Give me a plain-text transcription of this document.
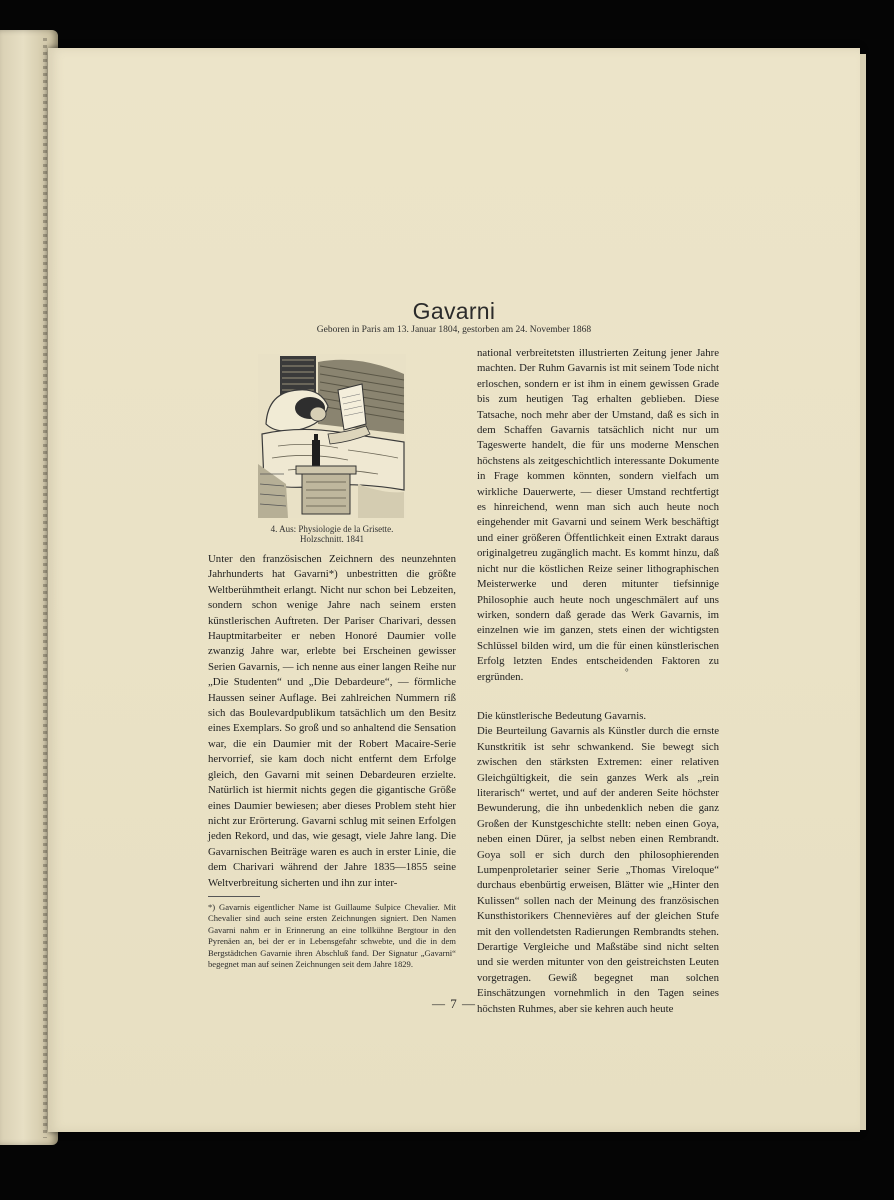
Gavarni
Geboren in Paris am 13. Januar 1804, gestorben am 24. November 1868
4. Aus: Physiologie de la Grisette.
Holzschnitt. 1841

Unter den französischen Zeichnern des neunzehnten Jahrhunderts hat Gavarni*) unbestritten die größte Weltberühmtheit erlangt. Nicht nur schon bei Lebzeiten, sondern schon wenige Jahre nach seinem ersten künstlerischen Auftreten. Der Pariser Charivari, dessen Hauptmitarbeiter er neben Honoré Daumier volle zwanzig Jahre war, erlebte bei Erscheinen gewisser Serien Gavarnis, — ich nenne aus einer langen Reihe nur „Die Studenten“ und „Die Debardeure“, — förmliche Haussen seiner Auflage. Bei zahlreichen Nummern riß sich das Boulevardpublikum tatsächlich um den Besitz eines Exemplars. So groß und so anhaltend die Sensation war, die ein Daumier mit der Robert Macaire-Serie hervorrief, sie kam doch nicht entfernt dem Erfolge gleich, den Gavarni mit seinen Debardeuren erzielte. Natürlich ist hiermit nichts gegen die gigantische Größe eines Daumier bewiesen; aber dieses Problem steht hier nicht zur Erörterung. Gavarni schlug mit seinen Erfolgen jeden Rekord, und das, wie gesagt, viele Jahre lang. Die Gavarnischen Beiträge waren es auch in erster Linie, die dem Charivari während der Jahre 1835—1855 seine Weltverbreitung sicherten und ihn zur inter-

*) Gavarnis eigentlicher Name ist Guillaume Sulpice Chevalier. Mit Chevalier sind auch seine ersten Zeichnungen signiert. Den Namen Gavarni nahm er in Erinnerung an eine tollkühne Bergtour in den Pyrenäen an, bei der er in Lebensgefahr schwebte, und die in dem Bergstädtchen Gavarnie ihren Abschluß fand. Der Signatur „Gavarni“ begegnet man auf seinen Zeichnungen seit dem Jahre 1829.

national verbreitetsten illustrierten Zeitung jener Jahre machten. Der Ruhm Gavarnis ist mit seinem Tode nicht erloschen, sondern er ist ihm in einem gewissen Grade bis zum heutigen Tag erhalten geblieben. Diese Tatsache, noch mehr aber der Umstand, daß es sich in dem Schaffen Gavarnis tatsächlich nicht nur um Tageswerte handelt, die für uns moderne Menschen höchstens als zeitgeschichtlich interessante Dokumente in Frage kommen könnten, sondern vielfach um wirkliche Dauerwerte, — dieser Umstand rechtfertigt es hinreichend, wenn man sich auch heute noch eingehender mit Gavarni und seinem Werk beschäftigt und einer größeren Öffentlichkeit einen Extrakt daraus originalgetreu zugänglich macht. Es kommt hinzu, daß nicht nur die köstlichen Reize seiner lithographischen Meisterwerke und deren mitunter tiefsinnige Philosophie auch heute noch ungeschmälert auf uns wirken, sondern daß gerade das Werk Gavarnis, im einzelnen wie im ganzen, stets einen der wichtigsten Schlüssel bilden wird, um die für einen künstlerischen Erfolg letzten Endes entscheidenden Faktoren zu ergründen.

Die künstlerische Bedeutung Gavarnis.

Die Beurteilung Gavarnis als Künstler durch die ernste Kunstkritik ist sehr schwankend. Sie bewegt sich zwischen den stärksten Extremen: einer relativen Gleichgültigkeit, die sein ganzes Werk als „rein literarisch“ wertet, und auf der anderen Seite höchster Bewunderung, die ihn unbedenklich neben die ganz Großen der Kunstgeschichte stellt: neben einen Goya, neben einen Dürer, ja selbst neben einen Rembrandt. Goya soll er sich durch den philosophierenden Lumpenproletarier seiner Serie „Thomas Vireloque“ durchaus ebenbürtig erweisen, Blätter wie „Hinter den Kulissen“ sollen nach der Meinung des französischen Kunsthistorikers Chennevières auf der gleichen Stufe mit den vollendetsten Radierungen Rembrandts stehen. Derartige Vergleiche und Maßstäbe sind nicht selten und sie werden mitunter von den geistreichsten Leuten vorgetragen. Gewiß begegnet man solchen Einschätzungen vornehmlich in den Tagen seines höchsten Ruhmes, aber sie kehren auch heute

°
— 7 —
